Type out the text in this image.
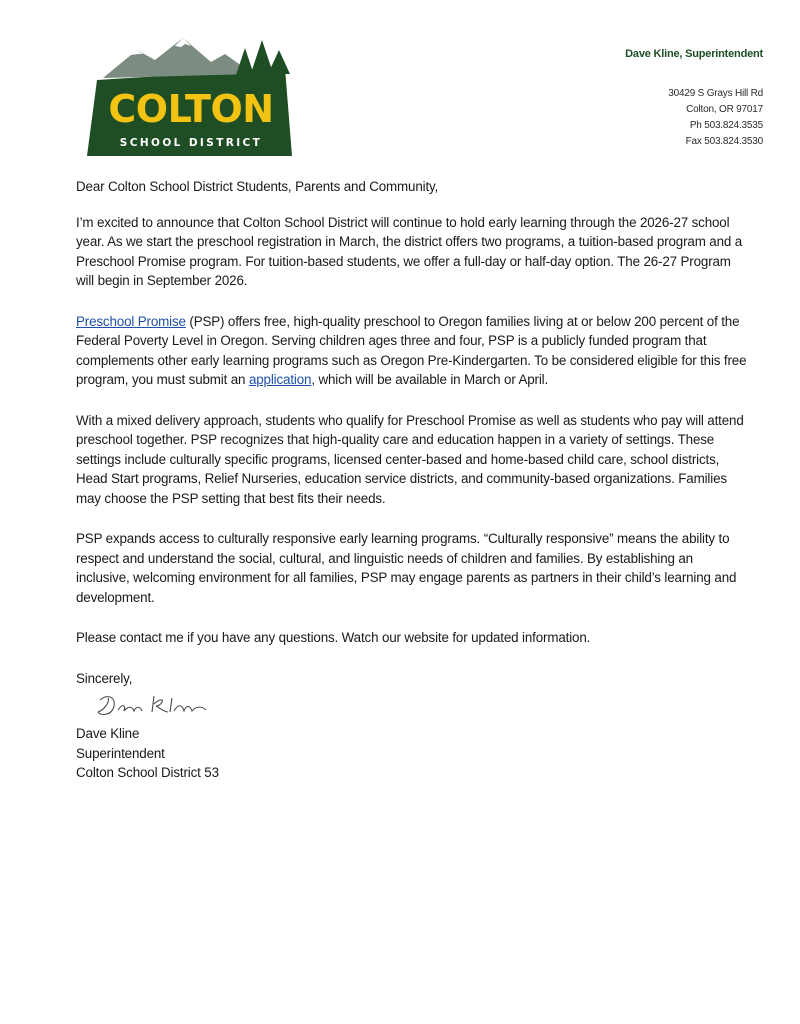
COLTON
SCHOOL DISTRICT
Dave Kline, Superintendent
30429 S Grays Hill Rd
Colton, OR 97017
Ph 503.824.3535
Fax 503.824.3530

Dear Colton School District Students, Parents and Community,

I’m excited to announce that Colton School District will continue to hold early learning through the 2026-27 school year. As we start the preschool registration in March, the district offers two programs, a tuition-based program and a Preschool Promise program. For tuition-based students, we offer a full-day or half-day option. The 26-27 Program will begin in September 2026.

Preschool Promise (PSP) offers free, high-quality preschool to Oregon families living at or below 200 percent of the Federal Poverty Level in Oregon. Serving children ages three and four, PSP is a publicly funded program that complements other early learning programs such as Oregon Pre-Kindergarten. To be considered eligible for this free program, you must submit an application, which will be available in March or April.

With a mixed delivery approach, students who qualify for Preschool Promise as well as students who pay will attend preschool together. PSP recognizes that high-quality care and education happen in a variety of settings. These settings include culturally specific programs, licensed center-based and home-based child care, school districts, Head Start programs, Relief Nurseries, education service districts, and community-based organizations. Families may choose the PSP setting that best fits their needs.

PSP expands access to culturally responsive early learning programs. “Culturally responsive” means the ability to respect and understand the social, cultural, and linguistic needs of children and families. By establishing an inclusive, welcoming environment for all families, PSP may engage parents as partners in their child’s learning and development.

Please contact me if you have any questions. Watch our website for updated information.

Sincerely,

Dave Kline

Superintendent

Colton School District 53
